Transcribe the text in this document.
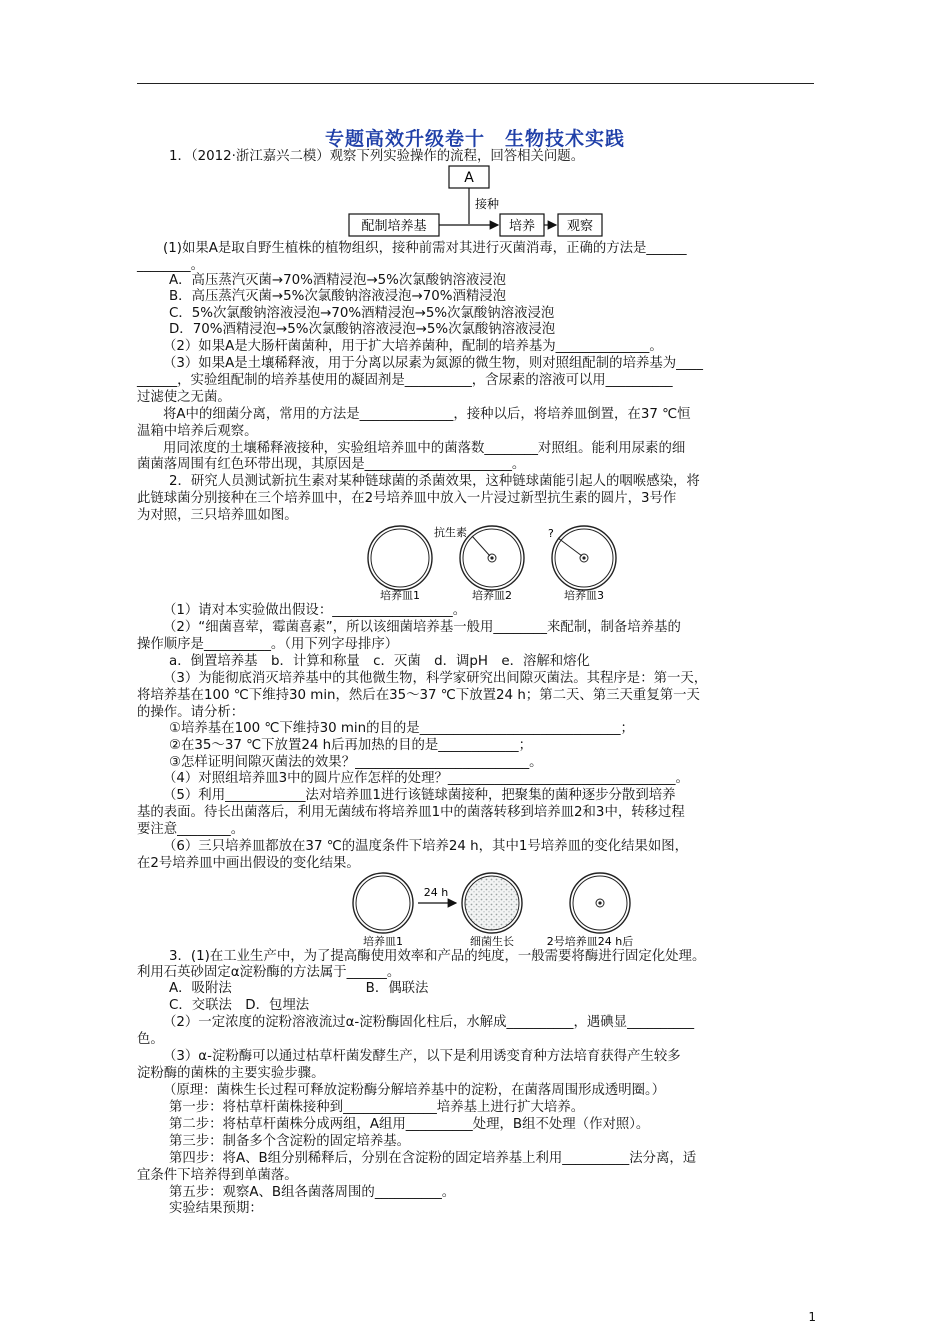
专题高效升级卷十　生物技术实践
1．（2012·浙江嘉兴二模）观察下列实验操作的流程，回答相关问题。
A
接种
配制培养基	培养 观察
(1)如果A是取自野生植株的植物组织，接种前需对其进行灭菌消毒，正确的方法是______
________。
A．高压蒸汽灭菌→70%酒精浸泡→5%次氯酸钠溶液浸泡
B．高压蒸汽灭菌→5%次氯酸钠溶液浸泡→70%酒精浸泡
C．5%次氯酸钠溶液浸泡→70%酒精浸泡→5%次氯酸钠溶液浸泡
D．70%酒精浸泡→5%次氯酸钠溶液浸泡→5%次氯酸钠溶液浸泡
（2）如果A是大肠杆菌菌种，用于扩大培养菌种，配制的培养基为______________。
（3）如果A是土壤稀释液，用于分离以尿素为氮源的微生物，则对照组配制的培养基为____
______，实验组配制的培养基使用的凝固剂是__________，含尿素的溶液可以用__________
过滤使之无菌。
将A中的细菌分离，常用的方法是______________，接种以后，将培养皿倒置，在37 ℃恒
温箱中培养后观察。
用同浓度的土壤稀释液接种，实验组培养皿中的菌落数________对照组。能利用尿素的细
菌菌落周围有红色环带出现，其原因是______________________。
2．研究人员测试新抗生素对某种链球菌的杀菌效果，这种链球菌能引起人的咽喉感染，将
此链球菌分别接种在三个培养皿中，在2号培养皿中放入一片浸过新型抗生素的圆片，3号作
为对照，三只培养皿如图。
抗生素	?
培养皿1	培养皿2	培养皿3
（1）请对本实验做出假设：__________________。
（2）“细菌喜荤，霉菌喜素”，所以该细菌培养基一般用________来配制，制备培养基的
操作顺序是__________。（用下列字母排序）
a．倒置培养基　b．计算和称量　c．灭菌　d．调pH　e．溶解和熔化
（3）为能彻底消灭培养基中的其他微生物，科学家研究出间隙灭菌法。其程序是：第一天，
将培养基在100 ℃下维持30 min，然后在35～37 ℃下放置24 h；第二天、第三天重复第一天
的操作。请分析：
①培养基在100 ℃下维持30 min的目的是______________________________；
②在35～37 ℃下放置24 h后再加热的目的是____________；
③怎样证明间隙灭菌法的效果？__________________________。
（4）对照组培养皿3中的圆片应作怎样的处理？__________________________________。
（5）利用____________法对培养皿1进行该链球菌接种，把聚集的菌种逐步分散到培养
基的表面。待长出菌落后，利用无菌绒布将培养皿1中的菌落转移到培养皿2和3中，转移过程
要注意________。
（6）三只培养皿都放在37 ℃的温度条件下培养24 h，其中1号培养皿的变化结果如图，
在2号培养皿中画出假设的变化结果。
24 h
培养皿1	细菌生长	2号培养皿24 h后
3．(1)在工业生产中，为了提高酶使用效率和产品的纯度，一般需要将酶进行固定化处理。
利用石英砂固定α淀粉酶的方法属于______。
A．吸附法　　　　　　　　　　B．偶联法
C．交联法　D．包埋法
（2）一定浓度的淀粉溶液流过α-淀粉酶固化柱后，水解成__________，遇碘显__________
色。
（3）α-淀粉酶可以通过枯草杆菌发酵生产，以下是利用诱变育种方法培育获得产生较多
淀粉酶的菌株的主要实验步骤。
（原理：菌株生长过程可释放淀粉酶分解培养基中的淀粉，在菌落周围形成透明圈。）
第一步：将枯草杆菌株接种到______________培养基上进行扩大培养。
第二步：将枯草杆菌株分成两组，A组用__________处理，B组不处理（作对照）。
第三步：制备多个含淀粉的固定培养基。
第四步：将A、B组分别稀释后，分别在含淀粉的固定培养基上利用__________法分离，适
宜条件下培养得到单菌落。
第五步：观察A、B组各菌落周围的__________。
实验结果预期：
1
